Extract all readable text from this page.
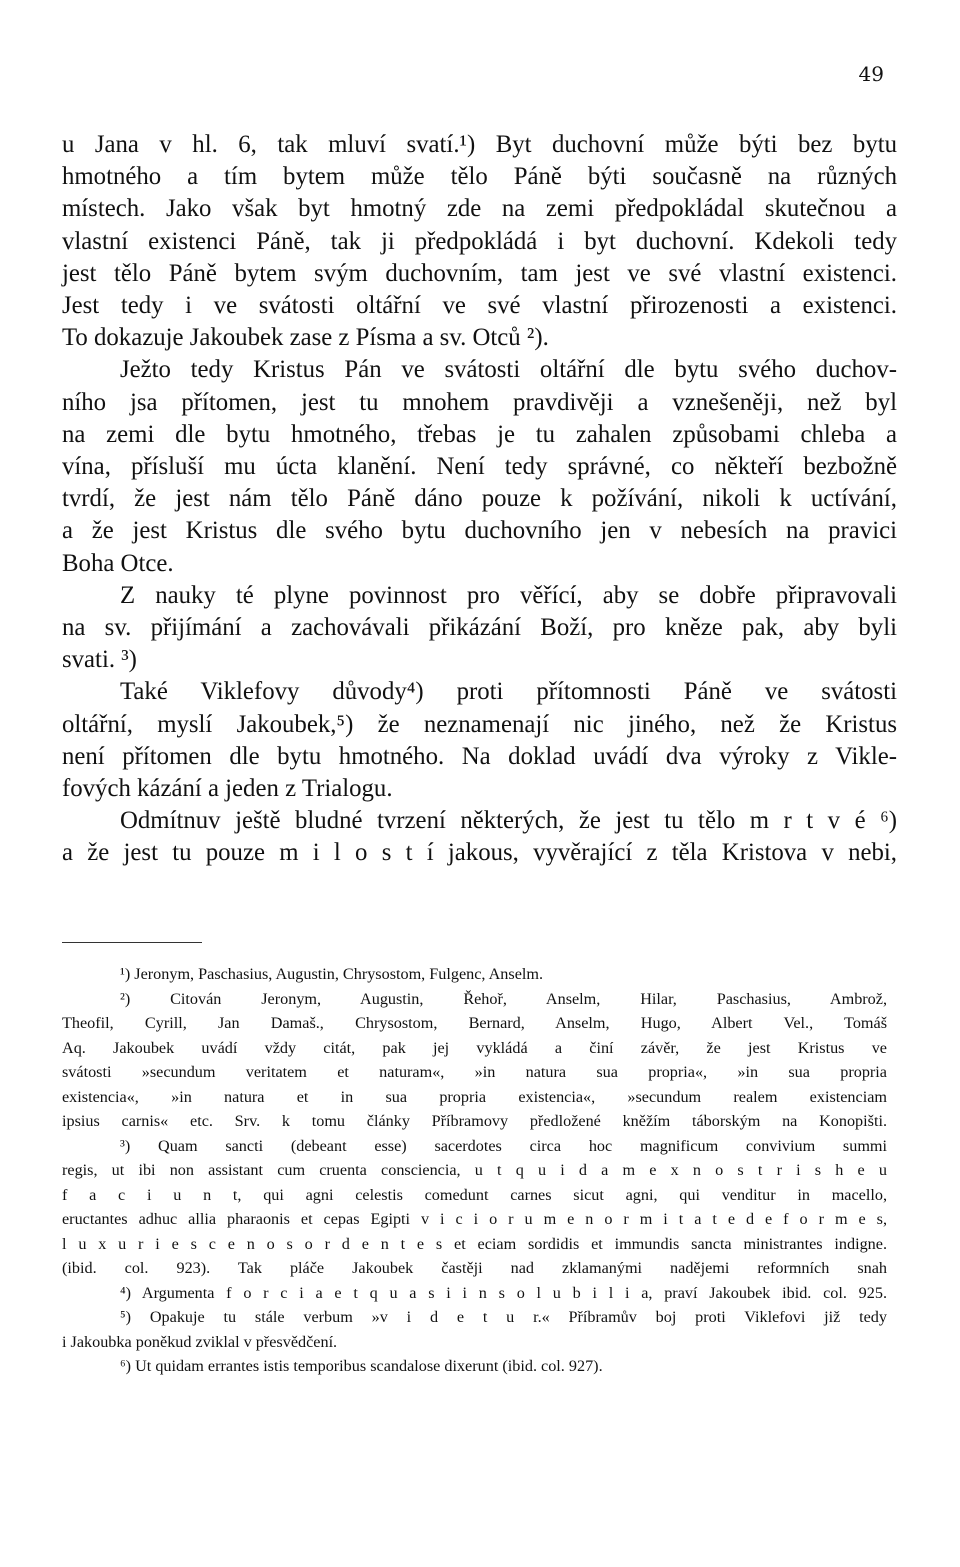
49
u Jana v hl. 6, tak mluví svatí.¹) Byt duchovní může býti bez bytu
hmotného a tím bytem může tělo Páně býti současně na různých
místech. Jako však byt hmotný zde na zemi předpokládal skutečnou a
vlastní existenci Páně, tak ji předpokládá i byt duchovní. Kdekoli tedy
jest tělo Páně bytem svým duchovním, tam jest ve své vlastní existenci.
Jest tedy i ve svátosti oltářní ve své vlastní přirozenosti a existenci.
To dokazuje Jakoubek zase z Písma a sv. Otců ²).
Ježto tedy Kristus Pán ve svátosti oltářní dle bytu svého duchov-
ního jsa přítomen, jest tu mnohem pravdivěji a vznešeněji, než byl
na zemi dle bytu hmotného, třebas je tu zahalen způsobami chleba a
vína, přísluší mu úcta klanění. Není tedy správné, co někteří bezbožně
tvrdí, že jest nám tělo Páně dáno pouze k požívání, nikoli k uctívání,
a že jest Kristus dle svého bytu duchovního jen v nebesích na pravici
Boha Otce.
Z nauky té plyne povinnost pro věřící, aby se dobře připravovali
na sv. přijímání a zachovávali přikázání Boží, pro kněze pak, aby byli
svati. ³)
Také Viklefovy důvody⁴) proti přítomnosti Páně ve svátosti
oltářní, myslí Jakoubek,⁵) že neznamenají nic jiného, než že Kristus
není přítomen dle bytu hmotného. Na doklad uvádí dva výroky z Vikle-
fových kázání a jeden z Trialogu.
Odmítnuv ještě bludné tvrzení některých, že jest tu tělo m r t v é ⁶)
a že jest tu pouze m i l o s t í jakous, vyvěrající z těla Kristova v nebi,
¹) Jeronym, Paschasius, Augustin, Chrysostom, Fulgenc, Anselm.
²) Citován Jeronym, Augustin, Řehoř, Anselm, Hilar, Paschasius, Ambrož,
Theofil, Cyrill, Jan Damaš., Chrysostom, Bernard, Anselm, Hugo, Albert Vel., Tomáš
Aq. Jakoubek uvádí vždy citát, pak jej vykládá a činí závěr, že jest Kristus ve
svátosti »secundum veritatem et naturam«, »in natura sua propria«, »in sua propria
existencia«, »in natura et in sua propria existencia«, »secundum realem existenciam
ipsius carnis« etc. Srv. k tomu články Příbramovy předložené kněžím táborským na Konopišti.
³) Quam sancti (debeant esse) sacerdotes circa hoc magnificum convivium summi
regis, ut ibi non assistant cum cruenta consciencia, u t q u i d a m e x n o s t r i s h e u
f a c i u n t, qui agni celestis comedunt carnes sicut agni, qui venditur in macello,
eructantes adhuc allia pharaonis et cepas Egipti v i c i o r u m e n o r m i t a t e d e f o r m e s,
l u x u r i e s c e n o s o r d e n t e s et eciam sordidis et immundis sancta ministrantes indigne.
(ibid. col. 923). Tak pláče Jakoubek častěji nad zklamanými nadějemi reformních snah
⁴) Argumenta f o r c i a e t q u a s i i n s o l u b i l i a, praví Jakoubek ibid. col. 925.
⁵) Opakuje tu stále verbum »v i d e t u r.« Příbramův boj proti Viklefovi již tedy
i Jakoubka poněkud zviklal v přesvědčení.
⁶) Ut quidam errantes istis temporibus scandalose dixerunt (ibid. col. 927).
